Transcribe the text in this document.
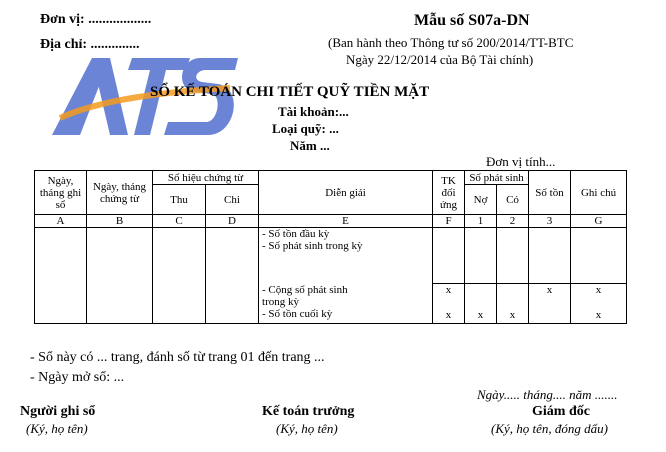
Đơn vị: ..................
Địa chỉ: ..............
Mẫu số S07a-DN
(Ban hành theo Thông tư số 200/2014/TT-BTC
Ngày 22/12/2014 của Bộ Tài chính)
SỔ KẾ TOÁN CHI TIẾT QUỸ TIỀN MẶT
Tài khoản:...
Loại quỹ: ...
Năm ...
Đơn vị tính...
Ngày, tháng ghi sổ	Ngày, tháng chứng từ	Số hiệu chứng từ		Diễn giải	TK đối ứng	Số phát sinh		Số tồn	Ghi chú
		Thu	Chi			Nợ	Có		
A	B	C	D	E	F	1	2	3	G

				- Số tồn đầu kỳ
- Số phát sinh trong kỳ					

				- Cộng số phát sinh
trong kỳ	x			x	x
				- Số tồn cuối kỳ	x	x	x		x
- Sổ này có ... trang, đánh số từ trang 01 đến trang ...
- Ngày mở sổ: ...
Ngày..... tháng.... năm .......
Người ghi sổ
(Ký, họ tên)
Kế toán trưởng
(Ký, họ tên)
Giám đốc
(Ký, họ tên, đóng dấu)
